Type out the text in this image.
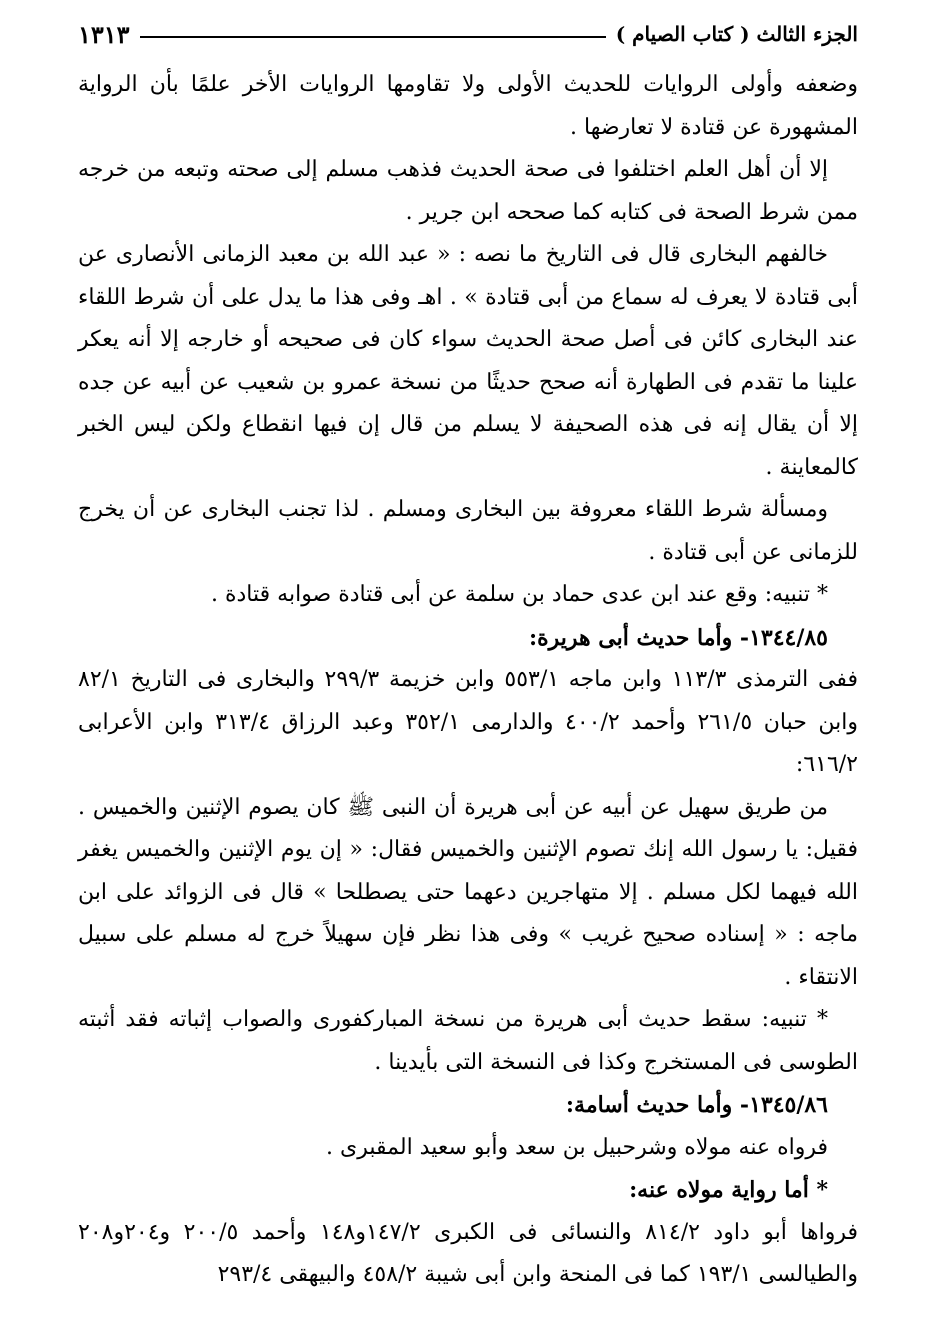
الجزء الثالث ( كتاب الصيام )
١٣١٣

وضعفه وأولى الروايات للحديث الأولى ولا تقاومها الروايات الأخر علمًا بأن الرواية المشهورة عن قتادة لا تعارضها .

إلا أن أهل العلم اختلفوا فى صحة الحديث فذهب مسلم إلى صحته وتبعه من خرجه ممن شرط الصحة فى كتابه كما صححه ابن جرير .

خالفهم البخارى قال فى التاريخ ما نصه : « عبد الله بن معبد الزمانى الأنصارى عن أبى قتادة لا يعرف له سماع من أبى قتادة » . اهـ وفى هذا ما يدل على أن شرط اللقاء عند البخارى كائن فى أصل صحة الحديث سواء كان فى صحيحه أو خارجه إلا أنه يعكر علينا ما تقدم فى الطهارة أنه صحح حديثًا من نسخة عمرو بن شعيب عن أبيه عن جده إلا أن يقال إنه فى هذه الصحيفة لا يسلم من قال إن فيها انقطاع ولكن ليس الخبر كالمعاينة .

ومسألة شرط اللقاء معروفة بين البخارى ومسلم . لذا تجنب البخارى عن أن يخرج للزمانى عن أبى قتادة .

* تنبيه: وقع عند ابن عدى حماد بن سلمة عن أبى قتادة صوابه قتادة .

١٣٤٤/٨٥- وأما حديث أبى هريرة:

ففى الترمذى ١١٣/٣ وابن ماجه ٥٥٣/١ وابن خزيمة ٢٩٩/٣ والبخارى فى التاريخ ٨٢/١ وابن حبان ٢٦١/٥ وأحمد ٤٠٠/٢ والدارمى ٣٥٢/١ وعبد الرزاق ٣١٣/٤ وابن الأعرابى ٦١٦/٢:

من طريق سهيل عن أبيه عن أبى هريرة أن النبى ﷺ كان يصوم الإثنين والخميس . فقيل: يا رسول الله إنك تصوم الإثنين والخميس فقال: « إن يوم الإثنين والخميس يغفر الله فيهما لكل مسلم . إلا متهاجرين دعهما حتى يصطلحا » قال فى الزوائد على ابن ماجه : « إسناده صحيح غريب » وفى هذا نظر فإن سهيلاً خرج له مسلم على سبيل الانتقاء .

* تنبيه: سقط حديث أبى هريرة من نسخة المباركفورى والصواب إثباته فقد أثبته الطوسى فى المستخرج وكذا فى النسخة التى بأيدينا .

١٣٤٥/٨٦- وأما حديث أسامة:

فرواه عنه مولاه وشرحبيل بن سعد وأبو سعيد المقبرى .

* أما رواية مولاه عنه:

فرواها أبو داود ٨١٤/٢ والنسائى فى الكبرى ١٤٧/٢و١٤٨ وأحمد ٢٠٠/٥ و٢٠٤و٢٠٨ والطيالسى ١٩٣/١ كما فى المنحة وابن أبى شيبة ٤٥٨/٢ والبيهقى ٢٩٣/٤
